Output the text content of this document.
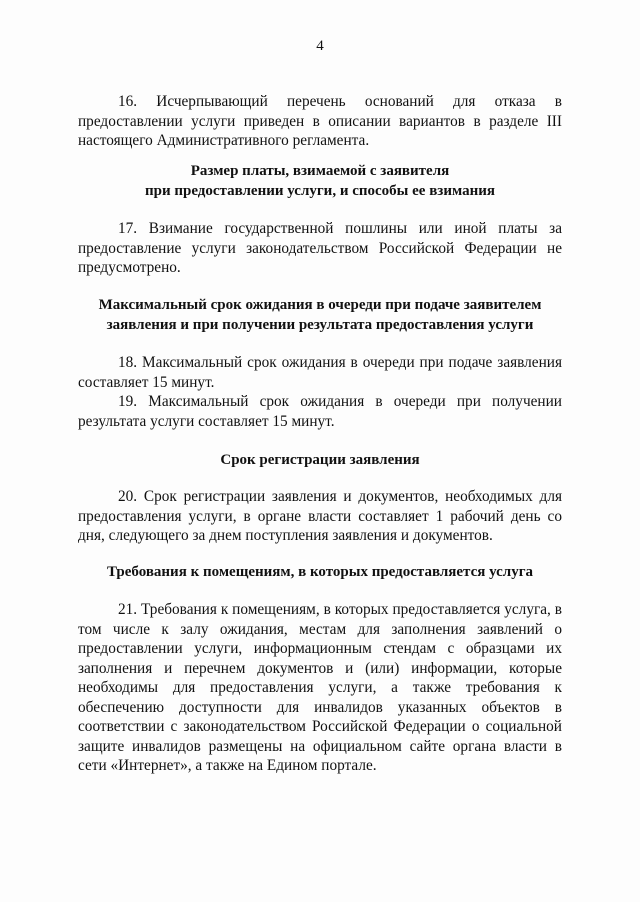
4

16. Исчерпывающий перечень оснований для отказа в предоставлении услуги приведен в описании вариантов в разделе III настоящего Административного регламента.

Размер платы, взимаемой с заявителя
при предоставлении услуги, и способы ее взимания

17. Взимание государственной пошлины или иной платы за предоставление услуги законодательством Российской Федерации не предусмотрено.

Максимальный срок ожидания в очереди при подаче заявителем
заявления и при получении результата предоставления услуги

18. Максимальный срок ожидания в очереди при подаче заявления составляет 15 минут.

19. Максимальный срок ожидания в очереди при получении результата услуги составляет 15 минут.

Срок регистрации заявления

20. Срок регистрации заявления и документов, необходимых для предоставления услуги, в органе власти составляет 1 рабочий день со дня, следующего за днем поступления заявления и документов.

Требования к помещениям, в которых предоставляется услуга

21. Требования к помещениям, в которых предоставляется услуга, в том числе к залу ожидания, местам для заполнения заявлений о предоставлении услуги, информационным стендам с образцами их заполнения и перечнем документов и (или) информации, которые необходимы для предоставления услуги, а также требования к обеспечению доступности для инвалидов указанных объектов в соответствии с законодательством Российской Федерации о социальной защите инвалидов размещены на официальном сайте органа власти в сети «Интернет», а также на Едином портале.
